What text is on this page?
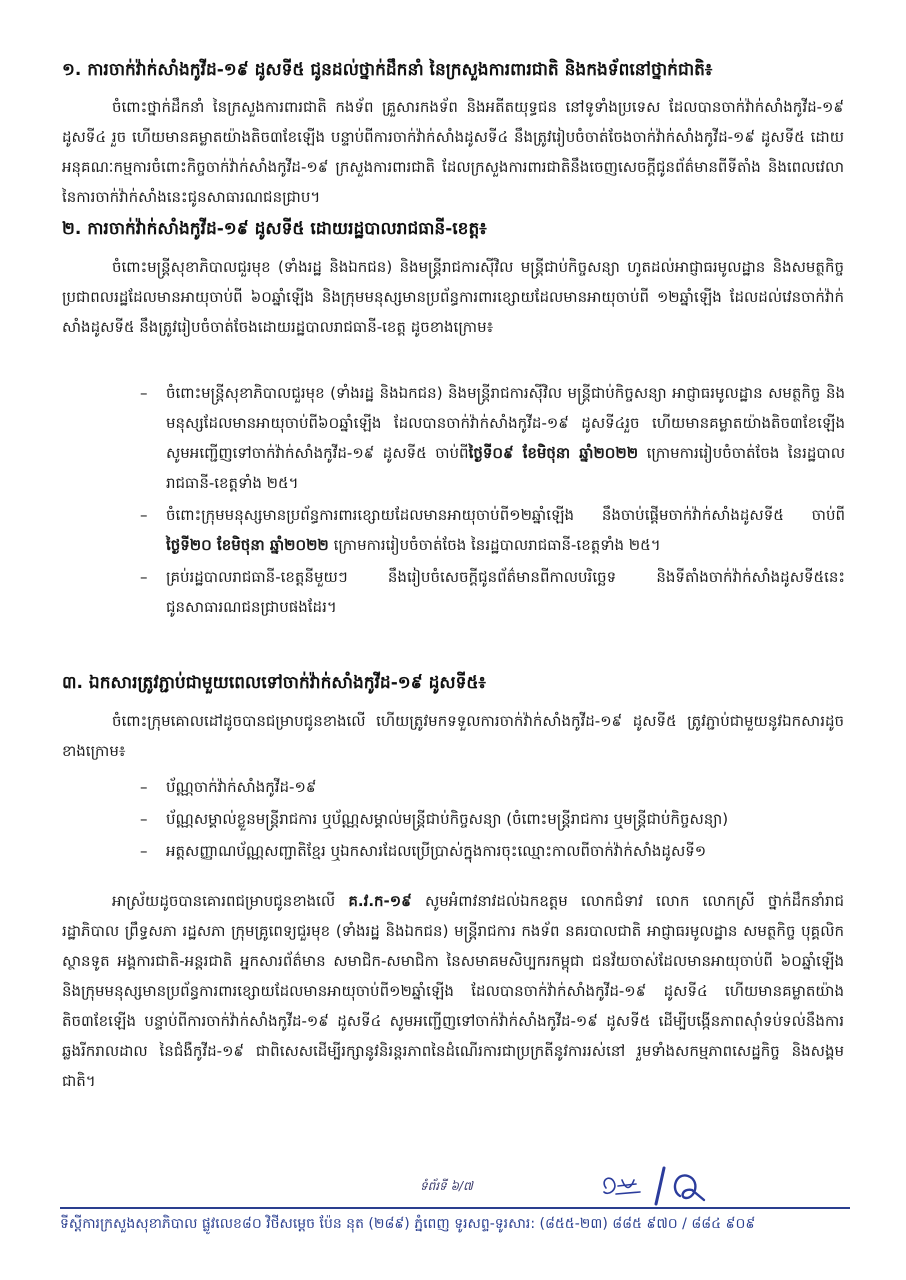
១. ការចាក់វ៉ាក់សាំងកូវីដ-១៩ ដូសទី៥ ជូនដល់ថ្នាក់ដឹកនាំ នៃក្រសួងការពារជាតិ និងកងទ័ពនៅថ្នាក់ជាតិ៖
ចំពោះថ្នាក់ដឹកនាំ នៃក្រសួងការពារជាតិ កងទ័ព គ្រួសារកងទ័ព និងអតីតយុទ្ធជន នៅទូទាំងប្រទេស ដែលបានចាក់វ៉ាក់សាំងកូវីដ-១៩ ដូសទី៤ រួច ហើយមានគម្លាតយ៉ាងតិច៣ខែឡើង បន្ទាប់ពីការចាក់វ៉ាក់សាំងដូសទី៤ នឹងត្រូវរៀបចំចាត់ចែងចាក់វ៉ាក់សាំងកូវីដ-១៩ ដូសទី៥ ដោយអនុគណៈកម្មការចំពោះកិច្ចចាក់វ៉ាក់សាំងកូវីដ-១៩ ក្រសួងការពារជាតិ ដែលក្រសួងការពារជាតិនឹងចេញសេចក្តីជូនព័ត៌មានពីទីតាំង និងពេលវេលានៃការចាក់វ៉ាក់សាំងនេះជូនសាធារណជនជ្រាប។
២. ការចាក់វ៉ាក់សាំងកូវីដ-១៩ ដូសទី៥ ដោយរដ្ឋបាលរាជធានី-ខេត្ត៖
ចំពោះមន្ត្រីសុខាភិបាលជួរមុខ (ទាំងរដ្ឋ និងឯកជន) និងមន្ត្រីរាជការស៊ីវិល មន្ត្រីជាប់កិច្ចសន្យា ហូតដល់អាជ្ញាធរមូលដ្ឋាន និងសមត្ថកិច្ច ប្រជាពលរដ្ឋដែលមានអាយុចាប់ពី ៦០ឆ្នាំឡើង និងក្រុមមនុស្សមានប្រព័ន្ធការពារខ្សោយដែលមានអាយុចាប់ពី ១២ឆ្នាំឡើង ដែលដល់វេនចាក់វ៉ាក់សាំងដូសទី៥ នឹងត្រូវរៀបចំចាត់ចែងដោយរដ្ឋបាលរាជធានី-ខេត្ត ដូចខាងក្រោម៖
– ចំពោះមន្ត្រីសុខាភិបាលជួរមុខ (ទាំងរដ្ឋ និងឯកជន) និងមន្ត្រីរាជការស៊ីវិល មន្ត្រីជាប់កិច្ចសន្យា អាជ្ញាធរមូលដ្ឋាន សមត្ថកិច្ច និងមនុស្សដែលមានអាយុចាប់ពី៦០ឆ្នាំឡើង ដែលបានចាក់វ៉ាក់សាំងកូវីដ-១៩ ដូសទី៤រួច ហើយមានគម្លាតយ៉ាងតិច៣ខែឡើង សូមអញ្ជើញទៅចាក់វ៉ាក់សាំងកូវីដ-១៩ ដូសទី៥ ចាប់ពីថ្ងៃទី០៩ ខែមិថុនា ឆ្នាំ២០២២ ក្រោមការរៀបចំចាត់ចែង នៃរដ្ឋបាលរាជធានី-ខេត្តទាំង ២៥។
– ចំពោះក្រុមមនុស្សមានប្រព័ន្ធការពារខ្សោយដែលមានអាយុចាប់ពី១២ឆ្នាំឡើង នឹងចាប់ផ្តើមចាក់វ៉ាក់សាំងដូសទី៥ ចាប់ពី ថ្ងៃទី២០ ខែមិថុនា ឆ្នាំ២០២២ ក្រោមការរៀបចំចាត់ចែង នៃរដ្ឋបាលរាជធានី-ខេត្តទាំង ២៥។
– គ្រប់រដ្ឋបាលរាជធានី-ខេត្តនីមួយៗ នឹងរៀបចំសេចក្តីជូនព័ត៌មានពីកាលបរិច្ឆេទ និងទីតាំងចាក់វ៉ាក់សាំងដូសទី៥នេះ ជូនសាធារណជនជ្រាបផងដែរ។
៣. ឯកសារត្រូវភ្ជាប់ជាមួយពេលទៅចាក់វ៉ាក់សាំងកូវីដ-១៩ ដូសទី៥៖
ចំពោះក្រុមគោលដៅដូចបានជម្រាបជូនខាងលើ ហើយត្រូវមកទទួលការចាក់វ៉ាក់សាំងកូវីដ-១៩ ដូសទី៥ ត្រូវភ្ជាប់ជាមួយនូវឯកសារដូចខាងក្រោម៖
– ប័ណ្ណចាក់វ៉ាក់សាំងកូវីដ-១៩
– ប័ណ្ណសម្គាល់ខ្លួនមន្ត្រីរាជការ ឬប័ណ្ណសម្គាល់មន្ត្រីជាប់កិច្ចសន្យា (ចំពោះមន្ត្រីរាជការ ឬមន្ត្រីជាប់កិច្ចសន្យា)
– អត្តសញ្ញាណប័ណ្ណសញ្ជាតិខ្មែរ ឬឯកសារដែលប្រើប្រាស់ក្នុងការចុះឈ្មោះកាលពីចាក់វ៉ាក់សាំងដូសទី១
អាស្រ័យដូចបានគោរពជម្រាបជូនខាងលើ គ.វ.ក-១៩ សូមអំពាវនាវដល់ឯកឧត្តម លោកជំទាវ លោក លោកស្រី ថ្នាក់ដឹកនាំរាជរដ្ឋាភិបាល ព្រឹទ្ធសភា រដ្ឋសភា ក្រុមគ្រូពេទ្យជួរមុខ (ទាំងរដ្ឋ និងឯកជន) មន្ត្រីរាជការ កងទ័ព នគរបាលជាតិ អាជ្ញាធរមូលដ្ឋាន សមត្ថកិច្ច បុគ្គលិកស្ថានទូត អង្គការជាតិ-អន្តរជាតិ អ្នកសារព័ត៌មាន សមាជិក-សមាជិកា នៃសមាគមសិប្បករកម្ពុជា ជនវ័យចាស់ដែលមានអាយុចាប់ពី ៦០ឆ្នាំឡើង និងក្រុមមនុស្សមានប្រព័ន្ធការពារខ្សោយដែលមានអាយុចាប់ពី១២ឆ្នាំឡើង ដែលបានចាក់វ៉ាក់សាំងកូវីដ-១៩ ដូសទី៤ ហើយមានគម្លាតយ៉ាងតិច៣ខែឡើង បន្ទាប់ពីការចាក់វ៉ាក់សាំងកូវីដ-១៩ ដូសទី៤ សូមអញ្ជើញទៅចាក់វ៉ាក់សាំងកូវីដ-១៩ ដូសទី៥ ដើម្បីបង្កើនភាពស៊ាំទប់ទល់នឹងការឆ្លងរីករាលដាល នៃជំងឺកូវីដ-១៩ ជាពិសេសដើម្បីរក្សានូវនិរន្តរភាពនៃដំណើរការជាប្រក្រតីនូវការរស់នៅ រួមទាំងសកម្មភាពសេដ្ឋកិច្ច និងសង្គមជាតិ។
ទំព័រទី ៦/៧
ទីស្តីការក្រសួងសុខាភិបាល ផ្លូវលេខ៨០ វិថីសម្តេច ប៉ែន នុត (២៨៩) ភ្នំពេញ ទូរសព្ទ-ទូរសារ: (៨៥៥-២៣) ៨៨៥ ៩៧០ / ៨៨៤ ៩០៩
